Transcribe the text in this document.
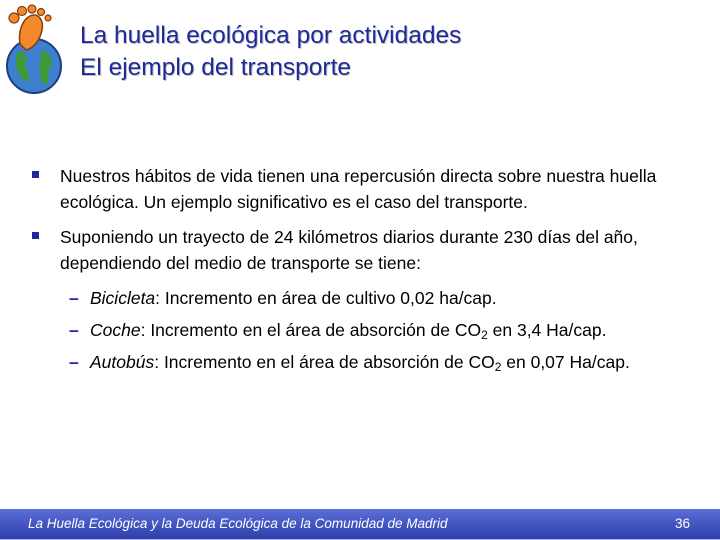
La huella ecológica por actividades
El ejemplo del transporte
Nuestros hábitos de vida tienen una repercusión directa sobre nuestra huella ecológica. Un ejemplo significativo es el caso del transporte.
Suponiendo un trayecto de 24 kilómetros diarios durante 230 días del año, dependiendo del medio de transporte se tiene:
– Bicicleta: Incremento en área de cultivo 0,02 ha/cap.
– Coche: Incremento en el área de absorción de $CO_2$ en 3,4 Ha/cap.
– Autobús: Incremento en el área de absorción de $CO_2$ en 0,07 Ha/cap.
La Huella Ecológica y la Deuda Ecológica de la Comunidad de Madrid	36
